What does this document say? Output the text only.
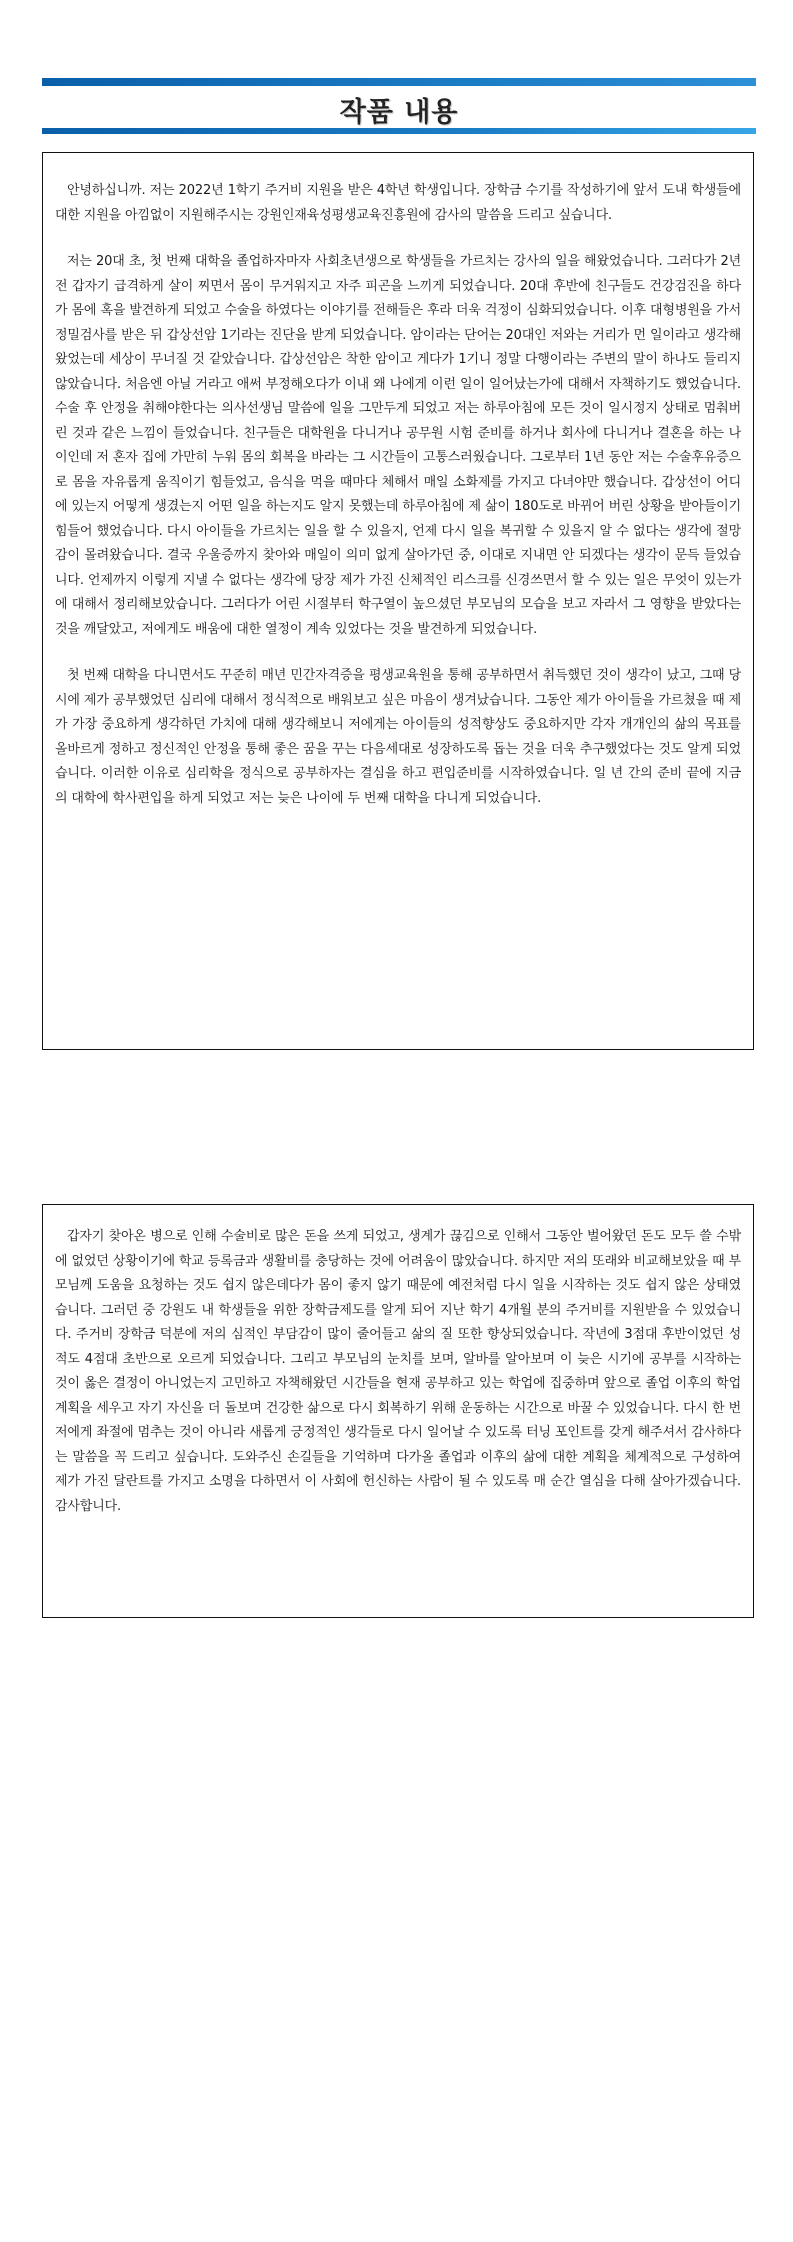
작품 내용

안녕하십니까. 저는 2022년 1학기 주거비 지원을 받은 4학년 학생입니다. 장학금 수기를 작성하기에 앞서 도내 학생들에 대한 지원을 아낌없이 지원해주시는 강원인재육성평생교육진흥원에 감사의 말씀을 드리고 싶습니다.

저는 20대 초, 첫 번째 대학을 졸업하자마자 사회초년생으로 학생들을 가르치는 강사의 일을 해왔었습니다. 그러다가 2년 전 갑자기 급격하게 살이 찌면서 몸이 무거워지고 자주 피곤을 느끼게 되었습니다. 20대 후반에 친구들도 건강검진을 하다가 몸에 혹을 발견하게 되었고 수술을 하였다는 이야기를 전해들은 후라 더욱 걱정이 심화되었습니다. 이후 대형병원을 가서 정밀검사를 받은 뒤 갑상선암 1기라는 진단을 받게 되었습니다. 암이라는 단어는 20대인 저와는 거리가 먼 일이라고 생각해왔었는데 세상이 무너질 것 같았습니다. 갑상선암은 착한 암이고 게다가 1기니 정말 다행이라는 주변의 말이 하나도 들리지 않았습니다. 처음엔 아닐 거라고 애써 부정해오다가 이내 왜 나에게 이런 일이 일어났는가에 대해서 자책하기도 했었습니다. 수술 후 안정을 취해야한다는 의사선생님 말씀에 일을 그만두게 되었고 저는 하루아침에 모든 것이 일시정지 상태로 멈춰버린 것과 같은 느낌이 들었습니다. 친구들은 대학원을 다니거나 공무원 시험 준비를 하거나 회사에 다니거나 결혼을 하는 나이인데 저 혼자 집에 가만히 누워 몸의 회복을 바라는 그 시간들이 고통스러웠습니다. 그로부터 1년 동안 저는 수술후유증으로 몸을 자유롭게 움직이기 힘들었고, 음식을 먹을 때마다 체해서 매일 소화제를 가지고 다녀야만 했습니다. 갑상선이 어디에 있는지 어떻게 생겼는지 어떤 일을 하는지도 알지 못했는데 하루아침에 제 삶이 180도로 바뀌어 버린 상황을 받아들이기 힘들어 했었습니다. 다시 아이들을 가르치는 일을 할 수 있을지, 언제 다시 일을 복귀할 수 있을지 알 수 없다는 생각에 절망감이 몰려왔습니다. 결국 우울증까지 찾아와 매일이 의미 없게 살아가던 중, 이대로 지내면 안 되겠다는 생각이 문득 들었습니다. 언제까지 이렇게 지낼 수 없다는 생각에 당장 제가 가진 신체적인 리스크를 신경쓰면서 할 수 있는 일은 무엇이 있는가에 대해서 정리해보았습니다. 그러다가 어린 시절부터 학구열이 높으셨던 부모님의 모습을 보고 자라서 그 영향을 받았다는 것을 깨달았고, 저에게도 배움에 대한 열정이 계속 있었다는 것을 발견하게 되었습니다.

첫 번째 대학을 다니면서도 꾸준히 매년 민간자격증을 평생교육원을 통해 공부하면서 취득했던 것이 생각이 났고, 그때 당시에 제가 공부했었던 심리에 대해서 정식적으로 배워보고 싶은 마음이 생겨났습니다. 그동안 제가 아이들을 가르쳤을 때 제가 가장 중요하게 생각하던 가치에 대해 생각해보니 저에게는 아이들의 성적향상도 중요하지만 각자 개개인의 삶의 목표를 올바르게 정하고 정신적인 안정을 통해 좋은 꿈을 꾸는 다음세대로 성장하도록 돕는 것을 더욱 추구했었다는 것도 알게 되었습니다. 이러한 이유로 심리학을 정식으로 공부하자는 결심을 하고 편입준비를 시작하였습니다. 일 년 간의 준비 끝에 지금의 대학에 학사편입을 하게 되었고 저는 늦은 나이에 두 번째 대학을 다니게 되었습니다.

갑자기 찾아온 병으로 인해 수술비로 많은 돈을 쓰게 되었고, 생계가 끊김으로 인해서 그동안 벌어왔던 돈도 모두 쓸 수밖에 없었던 상황이기에 학교 등록금과 생활비를 충당하는 것에 어려움이 많았습니다. 하지만 저의 또래와 비교해보았을 때 부모님께 도움을 요청하는 것도 쉽지 않은데다가 몸이 좋지 않기 때문에 예전처럼 다시 일을 시작하는 것도 쉽지 않은 상태였습니다. 그러던 중 강원도 내 학생들을 위한 장학금제도를 알게 되어 지난 학기 4개월 분의 주거비를 지원받을 수 있었습니다. 주거비 장학금 덕분에 저의 심적인 부담감이 많이 줄어들고 삶의 질 또한 향상되었습니다. 작년에 3점대 후반이었던 성적도 4점대 초반으로 오르게 되었습니다. 그리고 부모님의 눈치를 보며, 알바를 알아보며 이 늦은 시기에 공부를 시작하는 것이 옳은 결정이 아니었는지 고민하고 자책해왔던 시간들을 현재 공부하고 있는 학업에 집중하며 앞으로 졸업 이후의 학업계획을 세우고 자기 자신을 더 돌보며 건강한 삶으로 다시 회복하기 위해 운동하는 시간으로 바꿀 수 있었습니다. 다시 한 번 저에게 좌절에 멈추는 것이 아니라 새롭게 긍정적인 생각들로 다시 일어날 수 있도록 터닝 포인트를 갖게 해주셔서 감사하다는 말씀을 꼭 드리고 싶습니다. 도와주신 손길들을 기억하며 다가올 졸업과 이후의 삶에 대한 계획을 체계적으로 구성하여 제가 가진 달란트를 가지고 소명을 다하면서 이 사회에 헌신하는 사람이 될 수 있도록 매 순간 열심을 다해 살아가겠습니다. 감사합니다.
